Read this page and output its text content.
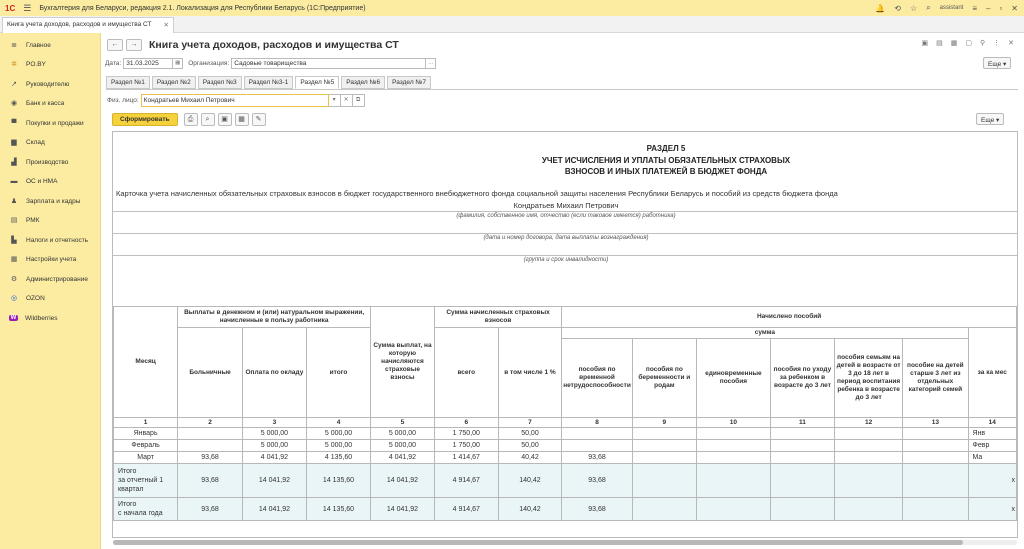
1С ☰ Бухгалтерия для Беларуси, редакция 2.1. Локализация для Республики Беларусь (1С:Предприятие)	🔔 ⟲ ☆ ⌕ assistant ≡ – ▫ ✕
Книга учета доходов, расходов и имущества СТ ✕
≣	Главное
✲	PO.BY
↗	Руководителю
◉	Банк и касса
▀	Покупки и продажи
▆	Склад
▟	Производство
▬ ОС и НМА
♟ Зарплата и кадры
▤ РМК
▙	Налоги и отчетность
▦ Настройки учета
⚙ Администрирование
◎	OZON
W Wildberries
←	→	Книга учета доходов, расходов и имущества СТ	▣ ▤ ▦ ▢ ⚲ ⋮ ✕
Дата: 31.03.2025	▦	Организация: Садовые товарищества	…	Еще ▾
Раздел №1	Раздел №2	Раздел №3	Раздел №3-1	Раздел №5	Раздел №6	Раздел №7
Физ. лицо: Кондратьев Михаил Петрович	▾	✕	⧉
Сформировать	⎙	⌕	▣	▦	✎	Еще ▾
РАЗДЕЛ 5
УЧЕТ ИСЧИСЛЕНИЯ И УПЛАТЫ ОБЯЗАТЕЛЬНЫХ СТРАХОВЫХ
ВЗНОСОВ И ИНЫХ ПЛАТЕЖЕЙ В БЮДЖЕТ ФОНДА
Карточка учета начисленных обязательных страховых взносов в бюджет государственного внебюджетного фонда социальной защиты населения Республики Беларусь и пособий из средств бюджета фонда
Кондратьев Михаил Петрович
(фамилия, собственное имя, отчество (если таковое имеется) работника)
(дата и номер договора, дата выплаты вознаграждения)
(группа и срок инвалидности)
Месяц	Выплаты в денежном и (или) натуральном выражении, начисленные в пользу работника			Сумма выплат, на которую начисляются страховые взносы	Сумма начисленных страховых взносов		Начислено пособий						
	Больничные	Оплата по окладу	итого		всего	в том числе 1 %	сумма						за ка мес
							пособия по временной нетрудоспособности	пособия по беременности и родам	единовременные пособия	пособия по уходу за ребенком в возрасте до 3 лет	пособия семьям на детей в возрасте от 3 до 18 лет в период воспитания ребенка в возрасте до 3 лет	пособие на детей старше 3 лет из отдельных категорий семей	
1	2	3	4	5	6	7	8	9	10	11	12	13	14
Январь		5 000,00	5 000,00	5 000,00	1 750,00	50,00							Янв
Февраль		5 000,00	5 000,00	5 000,00	1 750,00	50,00							Февр
Март	93,68	4 041,92	4 135,60	4 041,92	1 414,67	40,42	93,68						Ма
Итого
за отчетный 1
квартал	93,68	14 041,92	14 135,60	14 041,92	4 914,67	140,42	93,68						х
Итого
с начала года	93,68	14 041,92	14 135,60	14 041,92	4 914,67	140,42	93,68						х
